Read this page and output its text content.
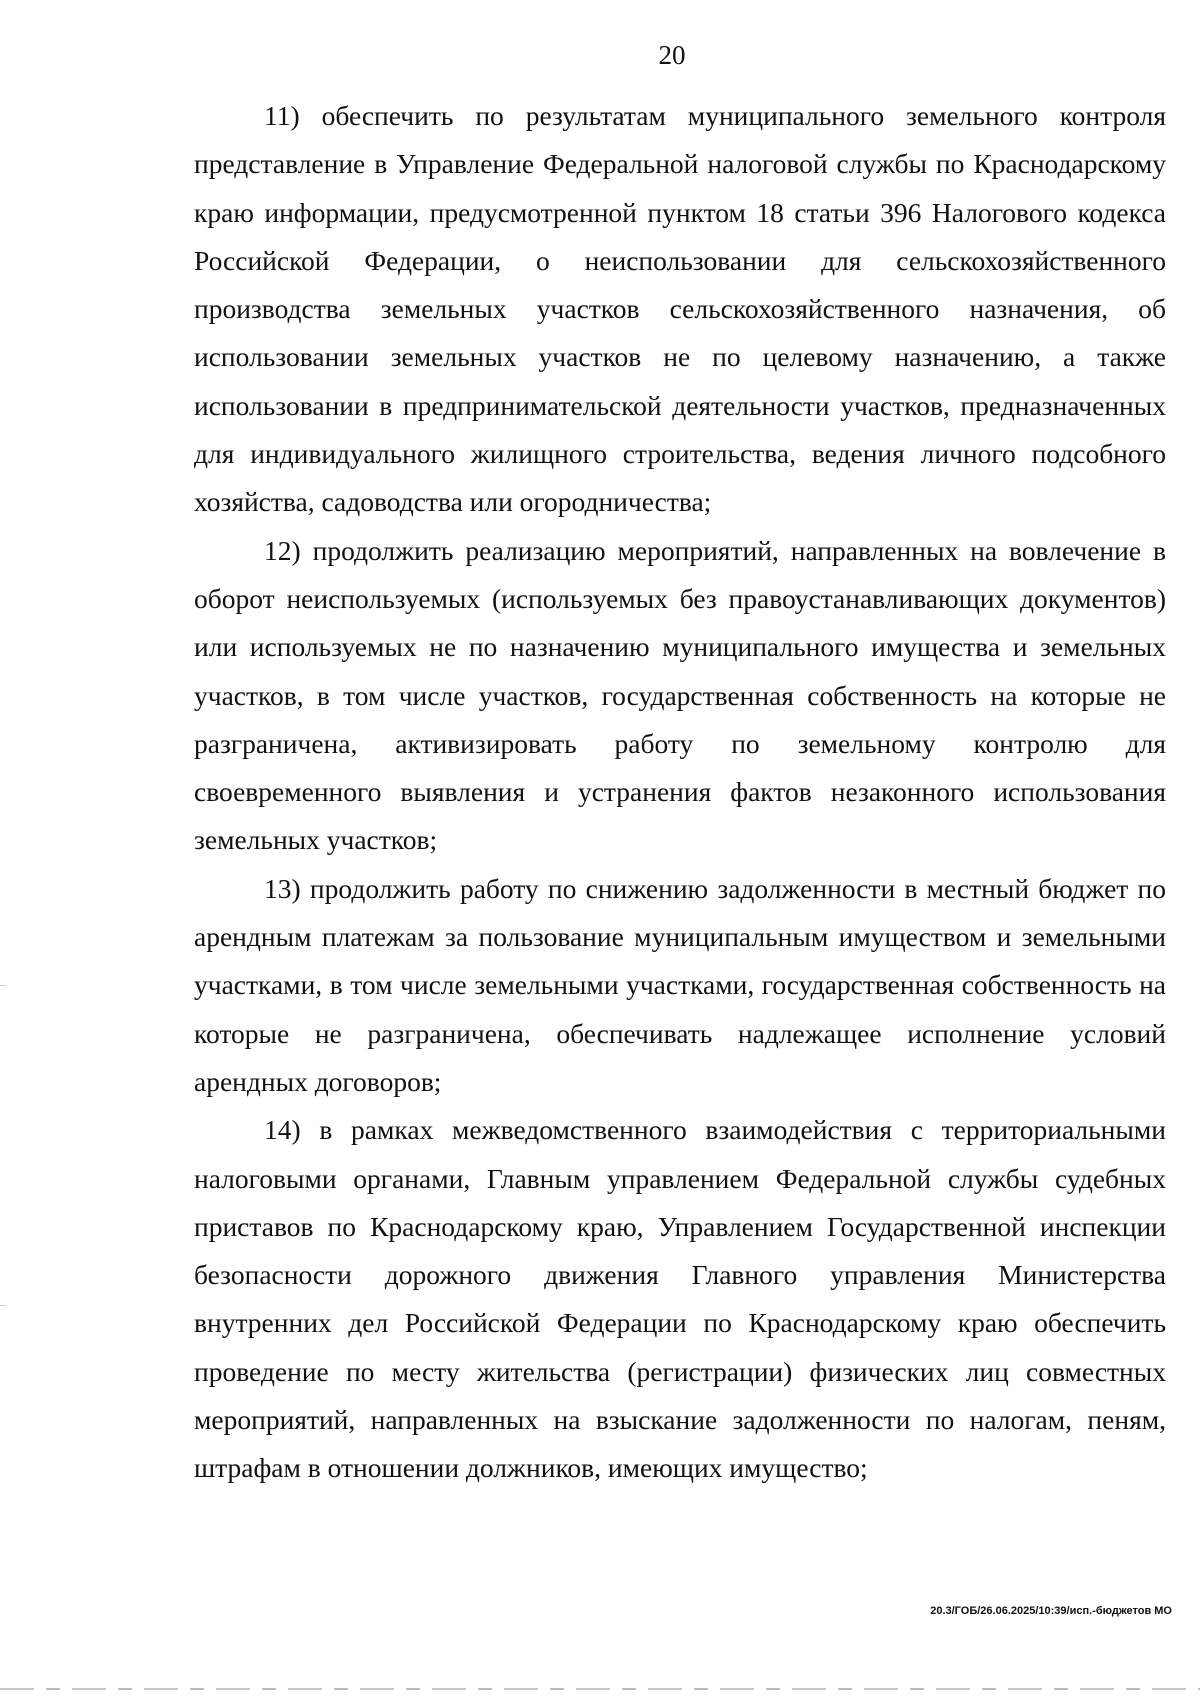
20

11) обеспечить по результатам муниципального земельного контроля представление в Управление Федеральной налоговой службы по Краснодарскому краю информации, предусмотренной пунктом 18 статьи 396 Налогового кодекса Российской Федерации, о неиспользовании для сельскохозяйственного производства земельных участков сельскохозяйственного назначения, об использовании земельных участков не по целевому назначению, а также использовании в предпринимательской деятельности участков, предназначенных для индивидуального жилищного строительства, ведения личного подсобного хозяйства, садоводства или огородничества;

12) продолжить реализацию мероприятий, направленных на вовлечение в оборот неиспользуемых (используемых без правоустанавливающих документов) или используемых не по назначению муниципального имущества и земельных участков, в том числе участков, государственная собственность на которые не разграничена, активизировать работу по земельному контролю для своевременного выявления и устранения фактов незаконного использования земельных участков;

13) продолжить работу по снижению задолженности в местный бюджет по арендным платежам за пользование муниципальным имуществом и земельными участками, в том числе земельными участками, государственная собственность на которые не разграничена, обеспечивать надлежащее исполнение условий арендных договоров;

14) в рамках межведомственного взаимодействия с территориальными налоговыми органами, Главным управлением Федеральной службы судебных приставов по Краснодарскому краю, Управлением Государственной инспекции безопасности дорожного движения Главного управления Министерства внутренних дел Российской Федерации по Краснодарскому краю обеспечить проведение по месту жительства (регистрации) физических лиц совместных мероприятий, направленных на взыскание задолженности по налогам, пеням, штрафам в отношении должников, имеющих имущество;

20.3/ГОБ/26.06.2025/10:39/исп.-бюджетов МО
